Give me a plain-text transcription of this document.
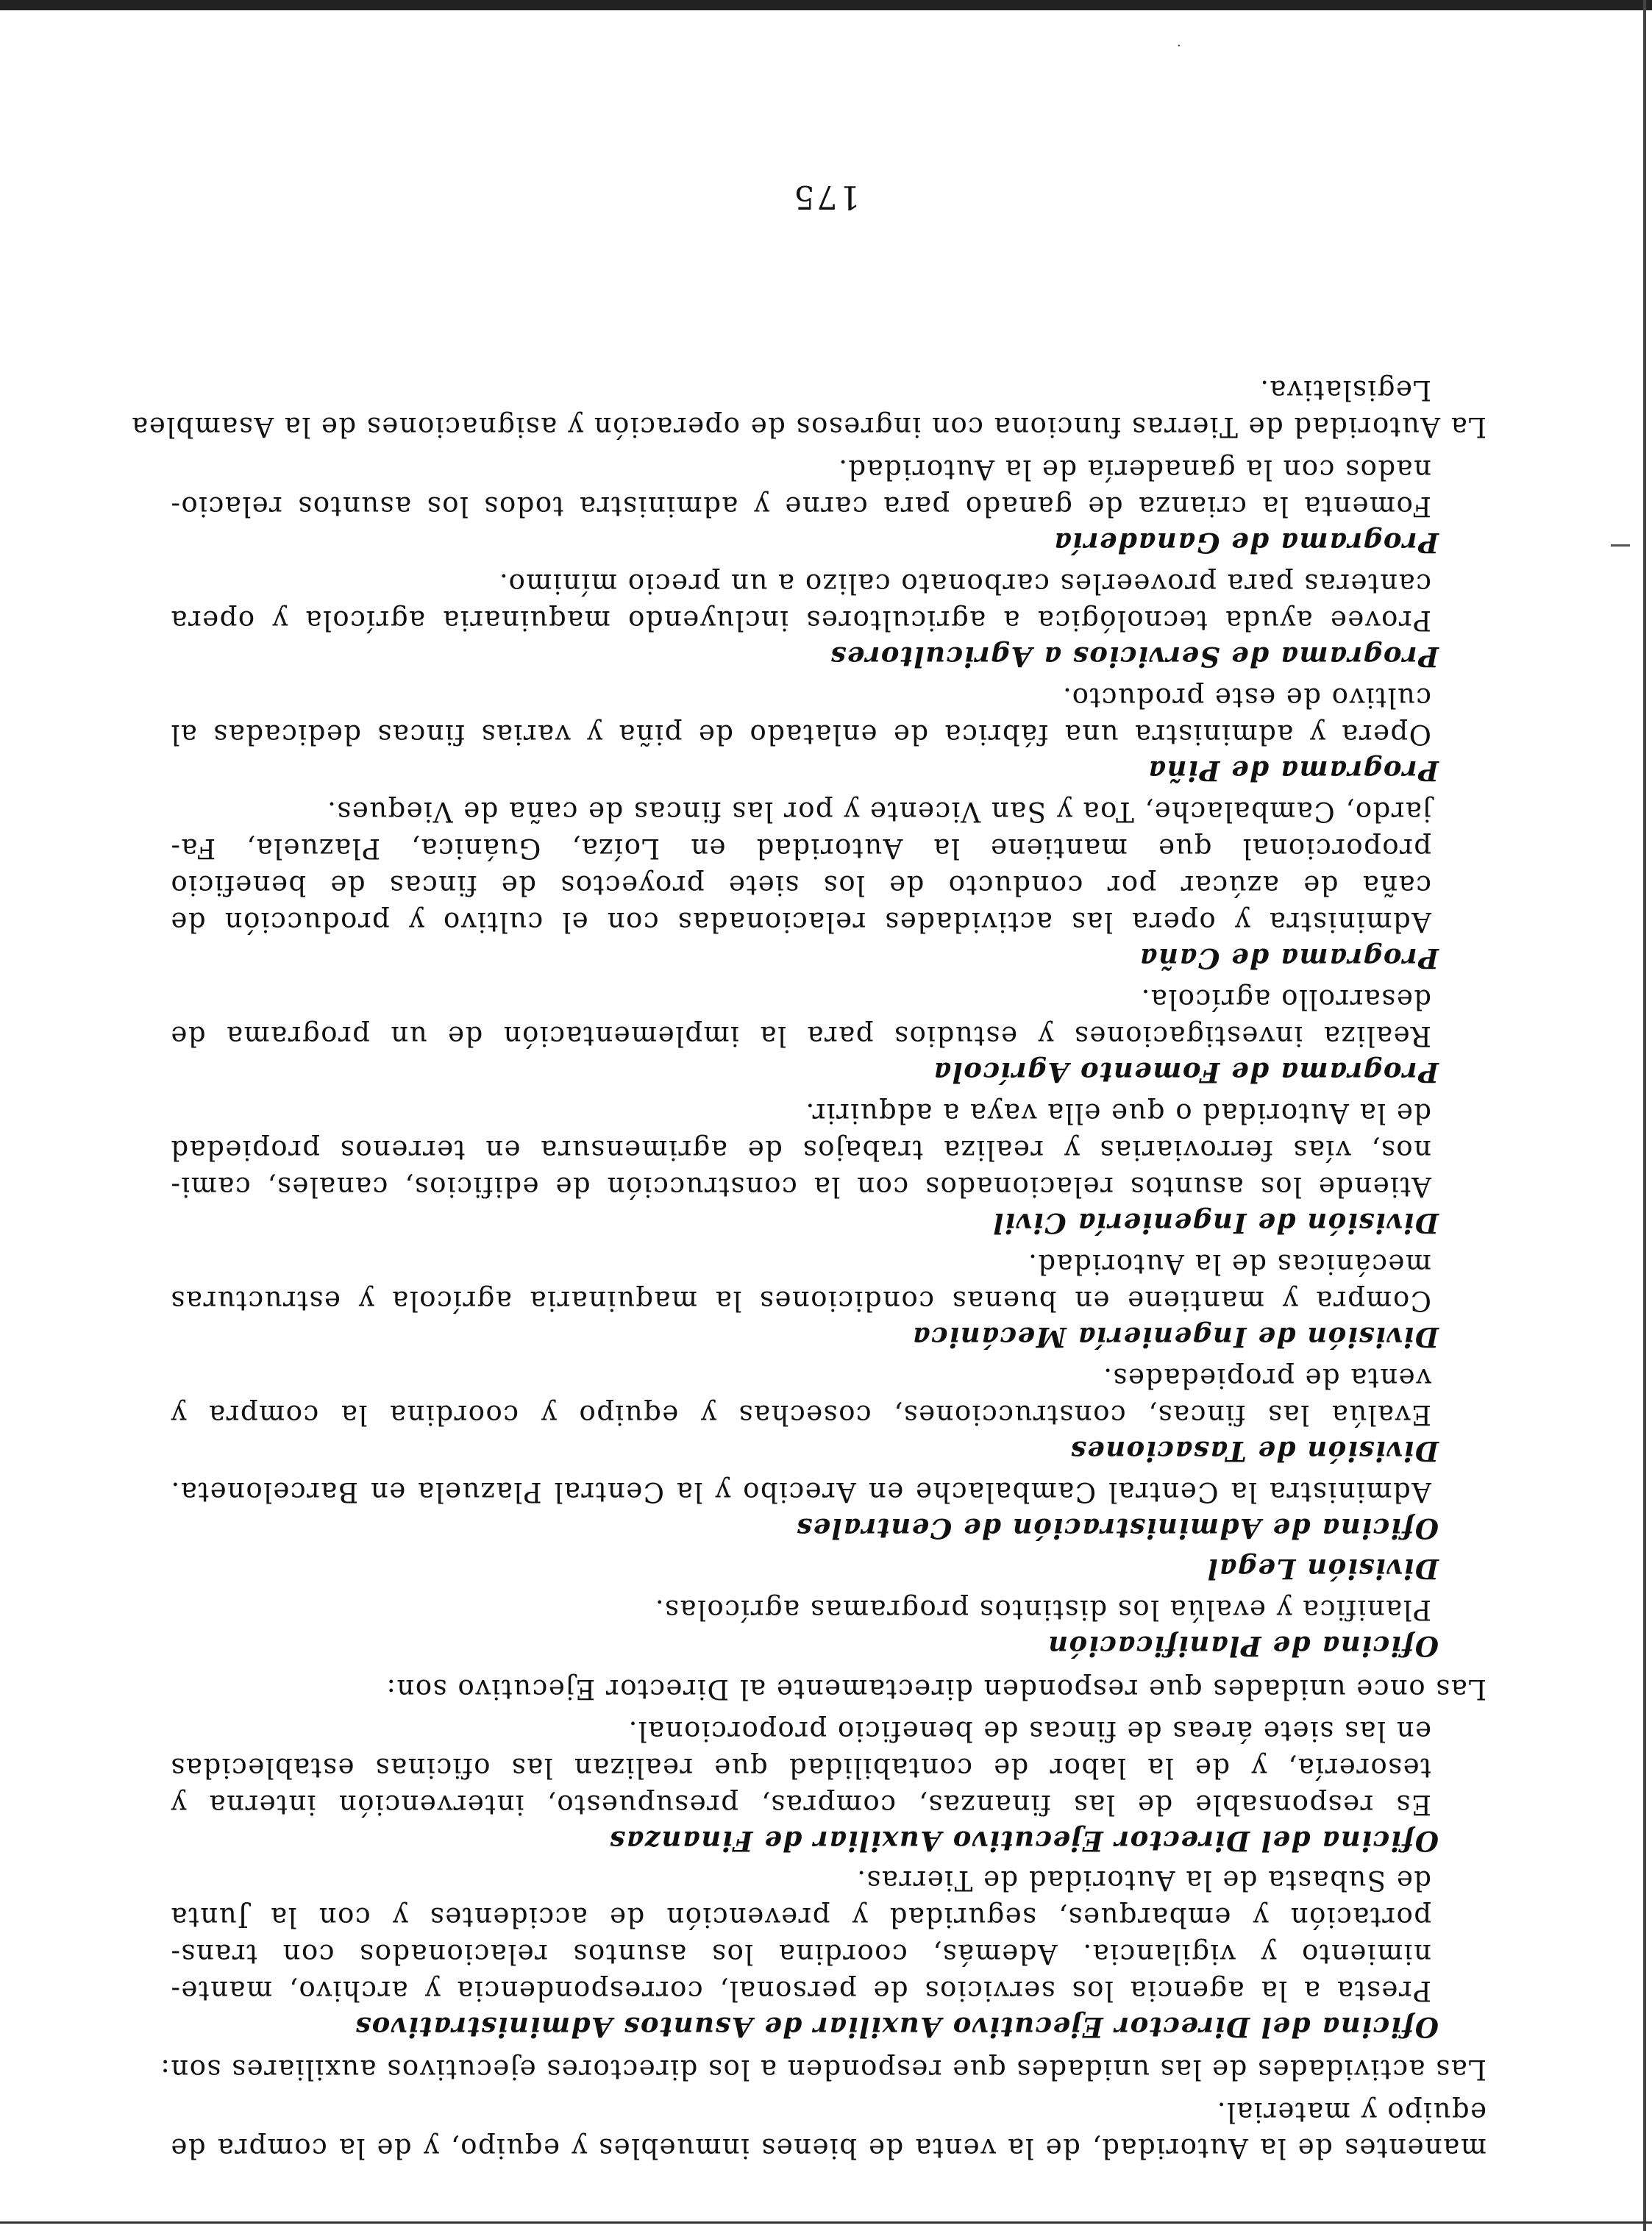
·
manentes de la Autoridad, de la venta de bienes inmuebles y equipo, y de la compra de
equipo y material.
Las actividades de las unidades que responden a los directores ejecutivos auxiliares son:
Oficina del Director Ejecutivo Auxiliar de Asuntos Administrativos
Presta a la agencia los servicios de personal, correspondencia y archivo, mante-
nimiento y vigilancia. Además, coordina los asuntos relacionados con trans-
portación y embarques, seguridad y prevención de accidentes y con la Junta
de Subasta de la Autoridad de Tierras.
Oficina del Director Ejecutivo Auxiliar de Finanzas
Es responsable de las finanzas, compras, presupuesto, intervención interna y
tesorería, y de la labor de contabilidad que realizan las oficinas establecidas
en las siete áreas de fincas de beneficio proporcional.
Las once unidades que responden directamente al Director Ejecutivo son:
Oficina de Planificación
Planifica y evalúa los distintos programas agrícolas.
División Legal
Oficina de Administración de Centrales
Administra la Central Cambalache en Arecibo y la Central Plazuela en Barceloneta.
División de Tasaciones
Evalúa las fincas, construcciones, cosechas y equipo y coordina la compra y
venta de propiedades.
División de Ingeniería Mecánica
Compra y mantiene en buenas condiciones la maquinaria agrícola y estructuras
mecánicas de la Autoridad.
División de Ingeniería Civil
Atiende los asuntos relacionados con la construcción de edificios, canales, cami-
nos, vías ferroviarias y realiza trabajos de agrimensura en terrenos propiedad
de la Autoridad o que ella vaya a adquirir.
Programa de Fomento Agrícola
Realiza investigaciones y estudios para la implementación de un programa de
desarrollo agrícola.
Programa de Caña
Administra y opera las actividades relacionadas con el cultivo y producción de
caña de azúcar por conducto de los siete proyectos de fincas de beneficio
proporcional que mantiene la Autoridad en Loíza, Guánica, Plazuela, Fa-
jardo, Cambalache, Toa y San Vicente y por las fincas de caña de Vieques.
Programa de Piña
Opera y administra una fábrica de enlatado de piña y varias fincas dedicadas al
cultivo de este producto.
Programa de Servicios a Agricultores
Provee ayuda tecnológica a agricultores incluyendo maquinaria agrícola y opera
canteras para proveerles carbonato calizo a un precio mínimo.
Programa de Ganadería
Fomenta la crianza de ganado para carne y administra todos los asuntos relacio-
nados con la ganadería de la Autoridad.
La Autoridad de Tierras funciona con ingresos de operación y asignaciones de la Asamblea
Legislativa.
175
